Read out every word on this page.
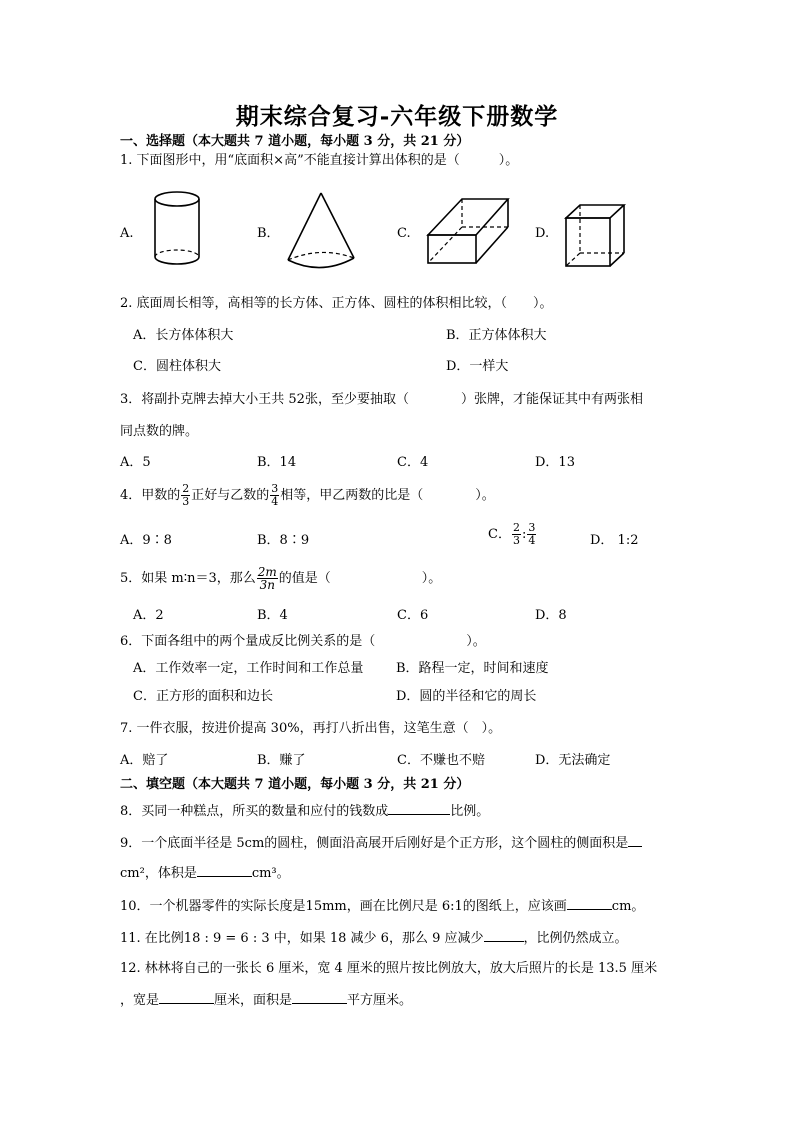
期末综合复习-六年级下册数学
一、选择题（本大题共 7 道小题，每小题 3 分，共 21 分）
1. 下面图形中，用“底面积×高”不能直接计算出体积的是（　　　）。
A.	B．	C.	D.
2. 底面周长相等，高相等的长方体、正方体、圆柱的体积相比较，（　　）。
A．长方体体积大	B．正方体体积大
C．圆柱体积大	D．一样大
3．将副扑克牌去掉大小王共 52张，至少要抽取（　　　　）张牌，才能保证其中有两张相
同点数的牌。
A．5	B．14	C．4	D．13
4．甲数的 $\frac{2}{3}$ 正好与乙数的 $\frac{3}{4}$ 相等，甲乙两数的比是（　　　　）。
A．9∶8	B．8∶9	C． $\frac{2}{3}$ : $\frac{3}{4}$	D． 1:2
5．如果 m∶n＝3，那么 $\frac{2m}{3n}$ 的值是（　　　　　　　）。
A．2	B．4	C．6	D．8
6．下面各组中的两个量成反比例关系的是（　　　　　　　）。
A．工作效率一定，工作时间和工作总量	B．路程一定，时间和速度
C．正方形的面积和边长	D．圆的半径和它的周长
7. 一件衣服，按进价提高 30%，再打八折出售，这笔生意（　）。
A．赔了	B．赚了	C．不赚也不赔	D．无法确定
二、填空题（本大题共 7 道小题，每小题 3 分，共 21 分）
8．买同一种糕点，所买的数量和应付的钱数成	比例。
9．一个底面半径是 5cm的圆柱，侧面沿高展开后刚好是个正方形，这个圆柱的侧面积是
cm²，体积是	cm³。
10．一个机器零件的实际长度是15mm，画在比例尺是 6:1的图纸上，应该画	cm。
11. 在比例18 : 9 = 6 : 3 中，如果 18 减少 6，那么 9 应减少	，比例仍然成立。
12. 林林将自己的一张长 6 厘米，宽 4 厘米的照片按比例放大，放大后照片的长是 13.5 厘米
，宽是	厘米，面积是	平方厘米。
